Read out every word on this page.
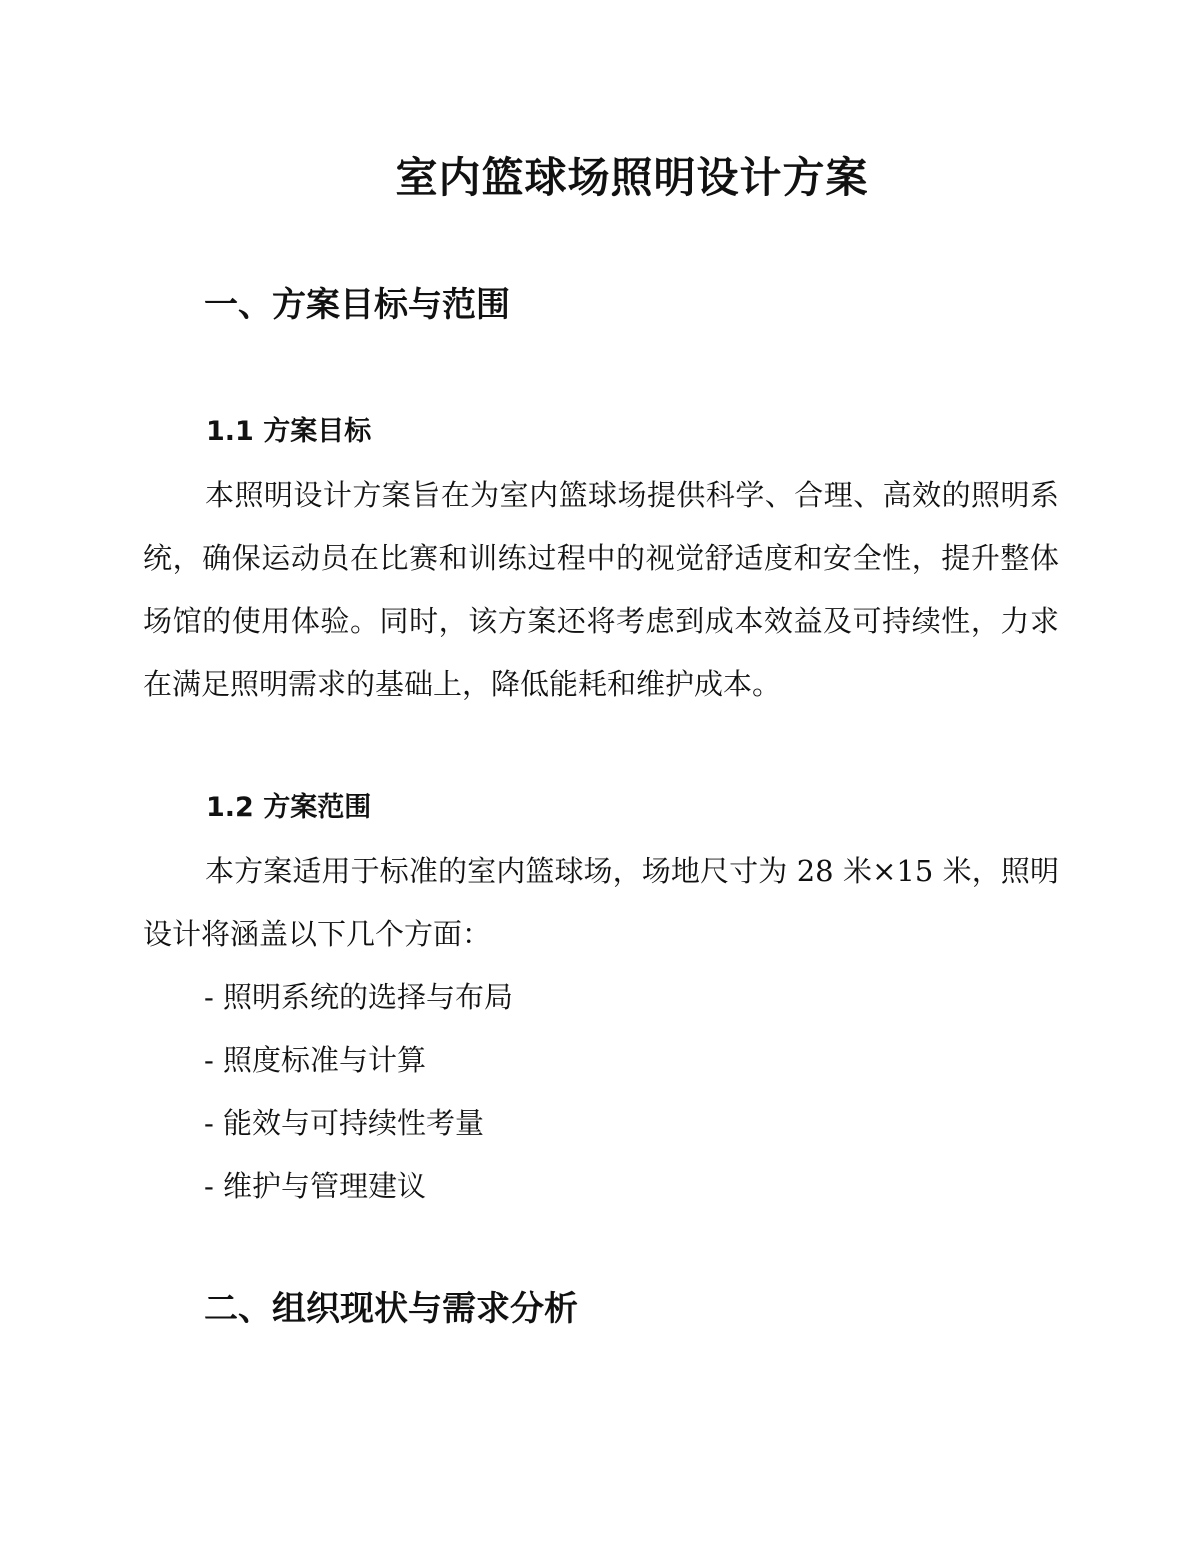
室内篮球场照明设计方案
一、方案目标与范围
1.1 方案目标

本照明设计方案旨在为室内篮球场提供科学、合理、高效的照明系统，确保运动员在比赛和训练过程中的视觉舒适度和安全性，提升整体场馆的使用体验。同时，该方案还将考虑到成本效益及可持续性，力求在满足照明需求的基础上，降低能耗和维护成本。

1.2 方案范围

本方案适用于标准的室内篮球场，场地尺寸为 28 米×15 米，照明设计将涵盖以下几个方面：

- 照明系统的选择与布局
- 照度标准与计算
- 能效与可持续性考量
- 维护与管理建议
二、组织现状与需求分析
